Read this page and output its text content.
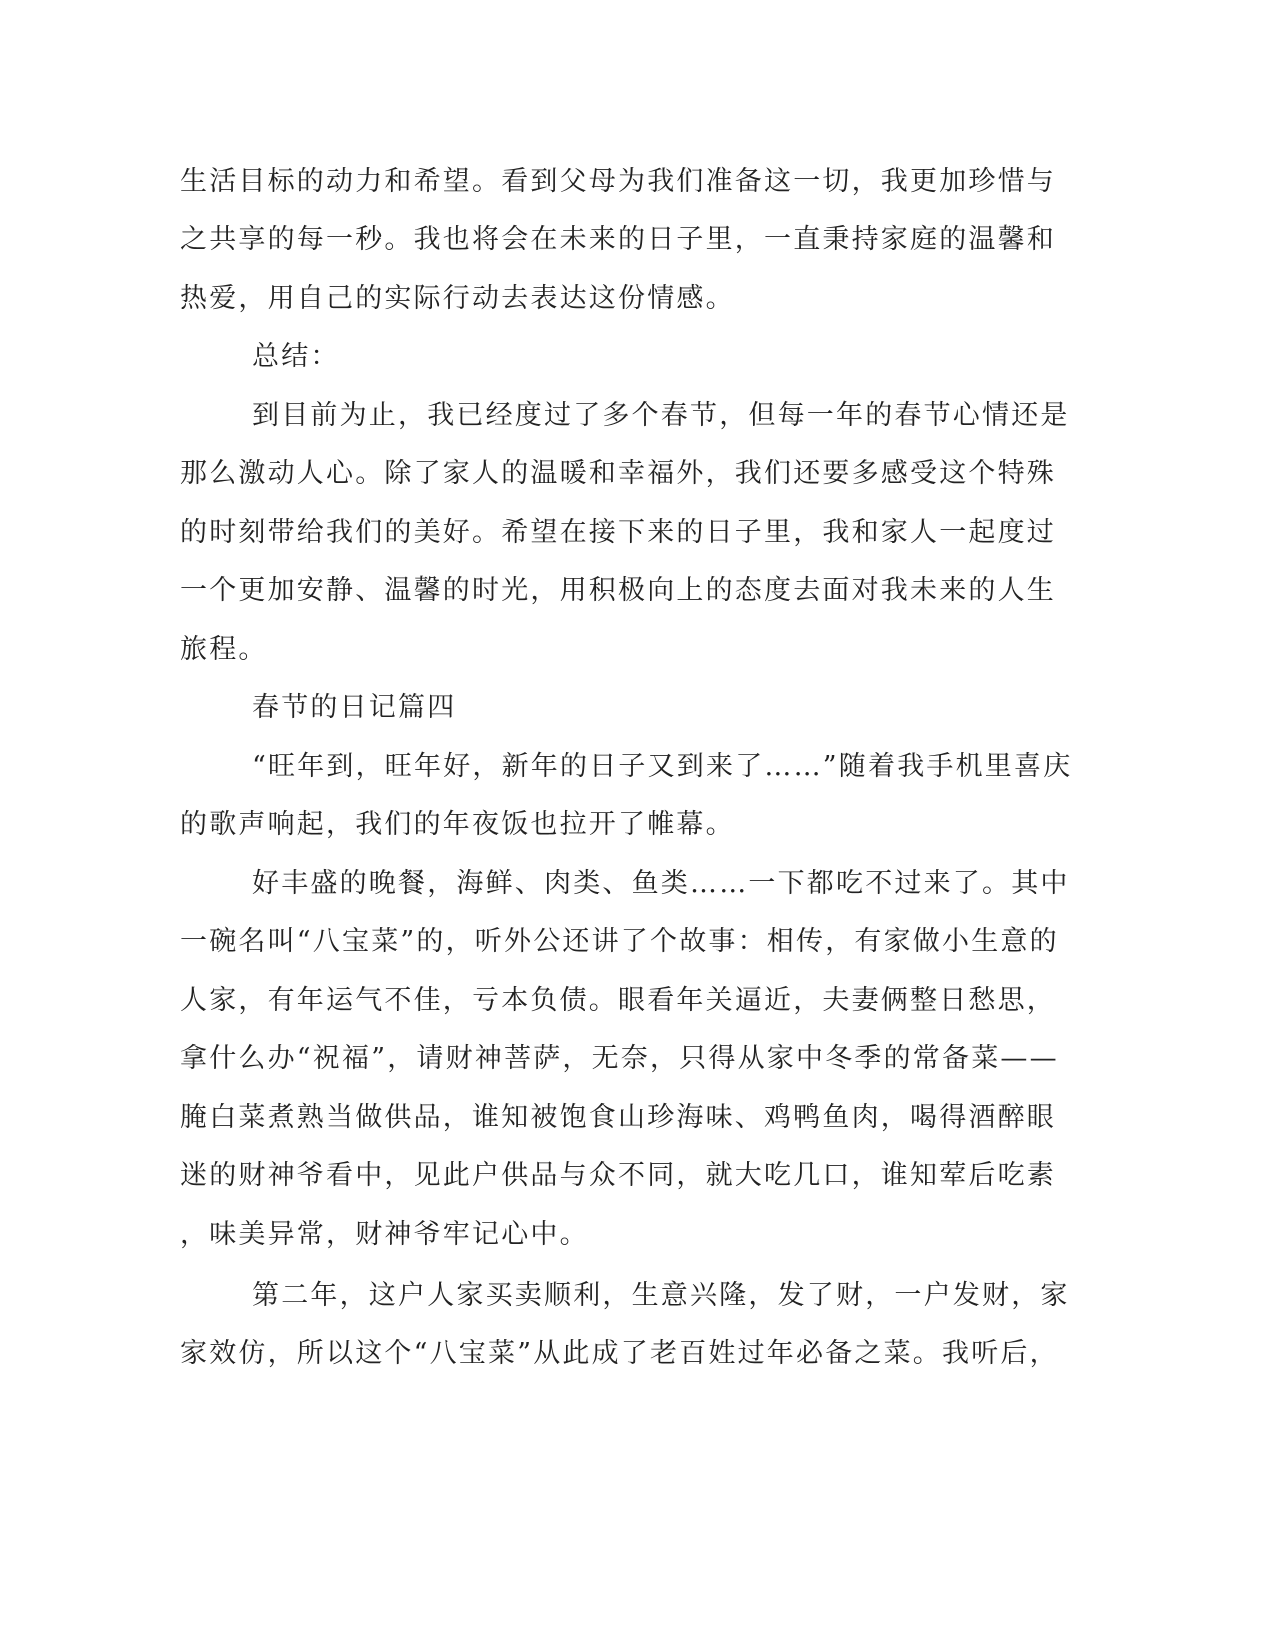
生活目标的动力和希望。看到父母为我们准备这一切，我更加珍惜与
之共享的每一秒。我也将会在未来的日子里，一直秉持家庭的温馨和
热爱，用自己的实际行动去表达这份情感。
总结：
到目前为止，我已经度过了多个春节，但每一年的春节心情还是
那么激动人心。除了家人的温暖和幸福外，我们还要多感受这个特殊
的时刻带给我们的美好。希望在接下来的日子里，我和家人一起度过
一个更加安静、温馨的时光，用积极向上的态度去面对我未来的人生
旅程。
春节的日记篇四
“旺年到，旺年好，新年的日子又到来了……”随着我手机里喜庆
的歌声响起，我们的年夜饭也拉开了帷幕。
好丰盛的晚餐，海鲜、肉类、鱼类……一下都吃不过来了。其中
一碗名叫“八宝菜”的，听外公还讲了个故事：相传，有家做小生意的
人家，有年运气不佳，亏本负债。眼看年关逼近，夫妻俩整日愁思，
拿什么办“祝福”，请财神菩萨，无奈，只得从家中冬季的常备菜——
腌白菜煮熟当做供品，谁知被饱食山珍海味、鸡鸭鱼肉，喝得酒醉眼
迷的财神爷看中，见此户供品与众不同，就大吃几口，谁知荤后吃素
，味美异常，财神爷牢记心中。
第二年，这户人家买卖顺利，生意兴隆，发了财，一户发财，家
家效仿，所以这个“八宝菜”从此成了老百姓过年必备之菜。我听后，
